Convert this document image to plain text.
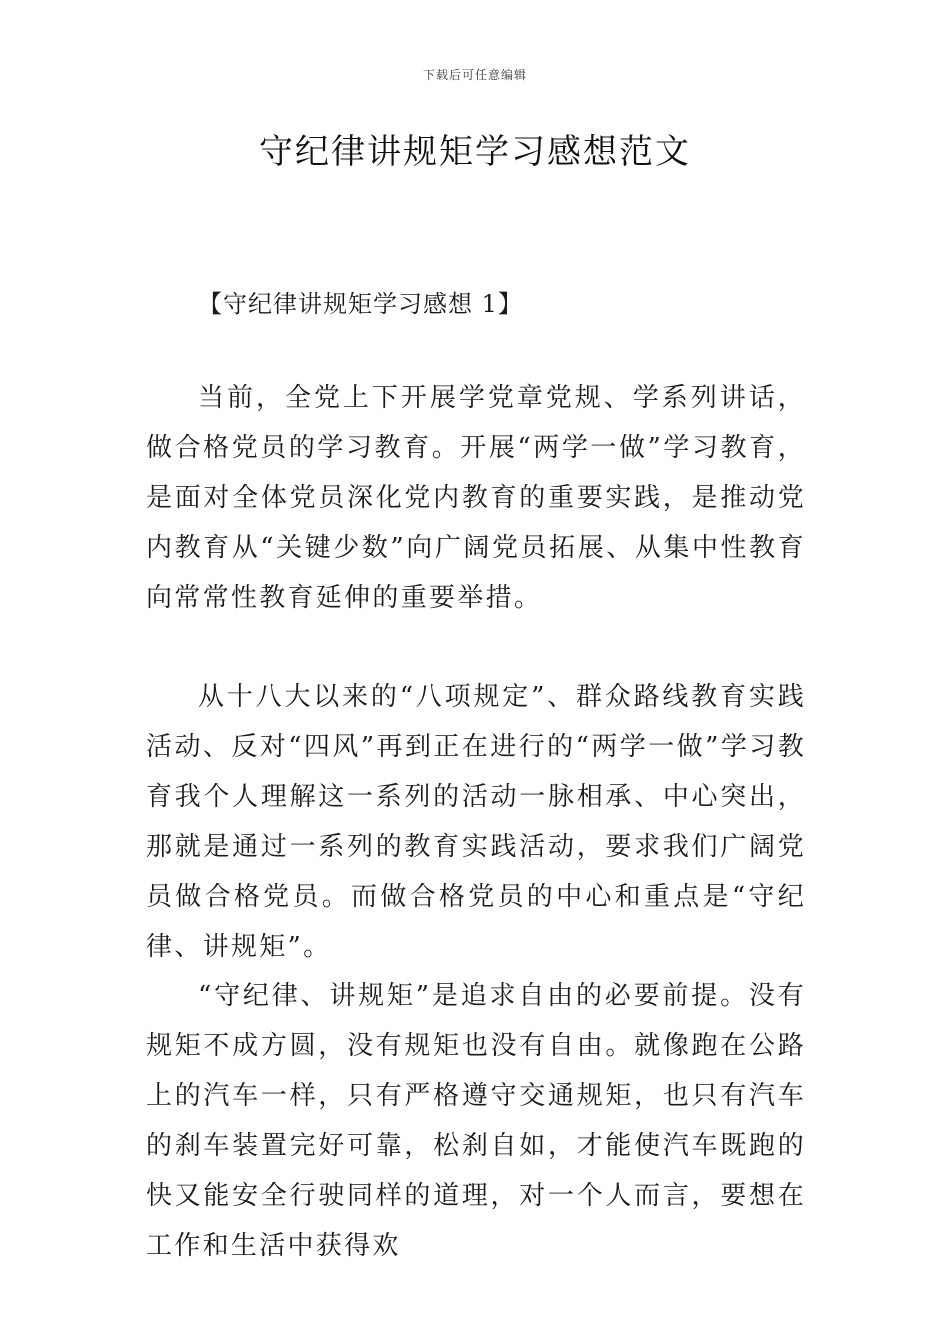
下载后可任意编辑
守纪律讲规矩学习感想范文

【守纪律讲规矩学习感想 1】

当前，全党上下开展学党章党规、学系列讲话，做合格党员的学习教育。开展“两学一做”学习教育，是面对全体党员深化党内教育的重要实践，是推动党内教育从“关键少数”向广阔党员拓展、从集中性教育向常常性教育延伸的重要举措。

从十八大以来的“八项规定”、群众路线教育实践活动、反对“四风”再到正在进行的“两学一做”学习教育我个人理解这一系列的活动一脉相承、中心突出，那就是通过一系列的教育实践活动，要求我们广阔党员做合格党员。而做合格党员的中心和重点是“守纪律、讲规矩”。

“守纪律、讲规矩”是追求自由的必要前提。没有规矩不成方圆，没有规矩也没有自由。就像跑在公路上的汽车一样，只有严格遵守交通规矩，也只有汽车的刹车装置完好可靠，松刹自如，才能使汽车既跑的快又能安全行驶同样的道理，对一个人而言，要想在工作和生活中获得欢
